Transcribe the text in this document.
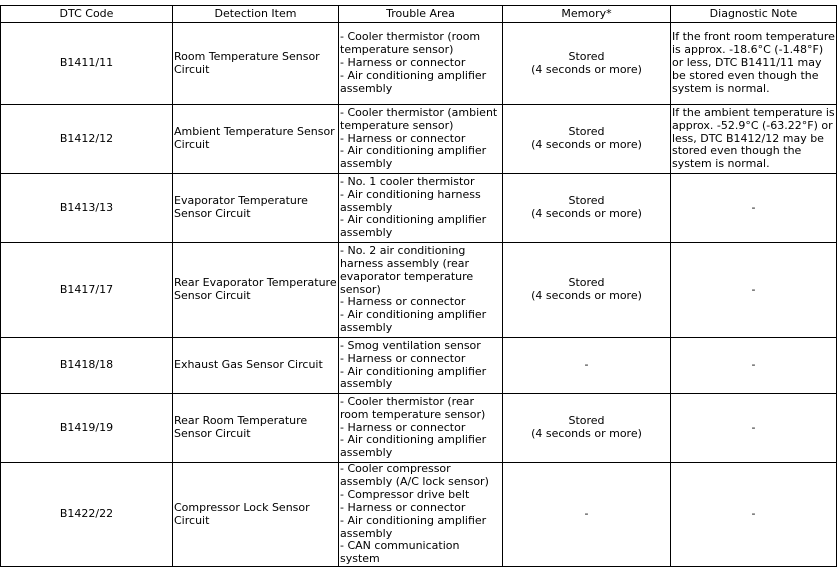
DTC Code	Detection Item	Trouble Area	Memory*	Diagnostic Note
B1411/11	Room Temperature Sensor Circuit	- Cooler thermistor (room temperature sensor)
- Harness or connector
- Air conditioning amplifier assembly	Stored
(4 seconds or more)	If the front room temperature is approx. -18.6°C (-1.48°F) or less, DTC B1411/11 may be stored even though the system is normal.
B1412/12	Ambient Temperature Sensor Circuit	- Cooler thermistor (ambient temperature sensor)
- Harness or connector
- Air conditioning amplifier assembly	Stored
(4 seconds or more)	If the ambient temperature is approx. -52.9°C (-63.22°F) or less, DTC B1412/12 may be stored even though the system is normal.
B1413/13	Evaporator Temperature Sensor Circuit	- No. 1 cooler thermistor
- Air conditioning harness assembly
- Air conditioning amplifier assembly	Stored
(4 seconds or more)	-
B1417/17	Rear Evaporator Temperature Sensor Circuit	- No. 2 air conditioning harness assembly (rear evaporator temperature sensor)
- Harness or connector
- Air conditioning amplifier assembly	Stored
(4 seconds or more)	-
B1418/18	Exhaust Gas Sensor Circuit	- Smog ventilation sensor
- Harness or connector
- Air conditioning amplifier assembly	-	-
B1419/19	Rear Room Temperature Sensor Circuit	- Cooler thermistor (rear room temperature sensor)
- Harness or connector
- Air conditioning amplifier assembly	Stored
(4 seconds or more)	-
B1422/22	Compressor Lock Sensor Circuit	- Cooler compressor assembly (A/C lock sensor)
- Compressor drive belt
- Harness or connector
- Air conditioning amplifier assembly
- CAN communication system	-	-
